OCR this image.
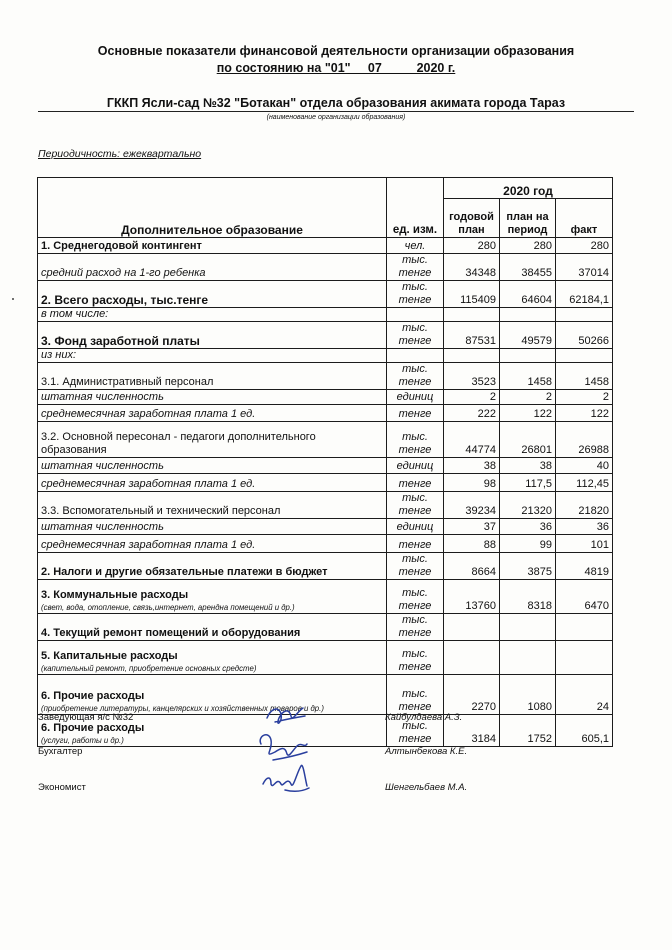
Основные показатели финансовой деятельности организации образования
по состоянию на "01"     07          2020 г.
ГККП Ясли-сад №32 "Ботакан" отдела образования акимата города Тараз
(наименование организации образования)
Периодичность: ежеквартально
Дополнительное образование	ед. изм.	2020 год		
		годовой план	план на период	факт

1. Среднегодовой контингент	чел.	280	280	280
средний расход на 1-го ребенка	тыс. тенге	34348	38455	37014
2. Всего расходы, тыс.тенге	тыс. тенге	115409	64604	62184,1
в том числе:				
3. Фонд заработной платы	тыс. тенге	87531	49579	50266
из них:				
3.1. Административный персонал	тыс. тенге	3523	1458	1458
штатная численность	единиц	2	2	2
среднемесячная заработная плата 1 ед.	тенге	222	122	122
3.2. Основной пересонал - педагоги дополнительного образования	тыс. тенге	44774	26801	26988
штатная численность	единиц	38	38	40
среднемесячная заработная плата 1 ед.	тенге	98	117,5	112,45
3.3. Вспомогательный и технический персонал	тыс. тенге	39234	21320	21820
штатная численность	единиц	37	36	36
среднемесячная заработная плата 1 ед.	тенге	88	99	101
2. Налоги и другие обязательные платежи в бюджет	тыс. тенге	8664	3875	4819
3. Коммунальные расходы
(свет, вода, отопление, связь,интернет, арендна помещений и др.)	тыс. тенге	13760	8318	6470
4. Текущий ремонт помещений и оборудования	тыс. тенге			
5. Капитальные расходы
(капительный ремонт, приобретение основных средсте)	тыс. тенге			
6. Прочие расходы
(приобретение литературы, канцелярских и хозяйственных товаров и др.)	тыс. тенге	2270	1080	24
6. Прочие расходы
(услуги, работы и др.)	тыс. тенге	3184	1752	605,1
Заведующая я/с №32	Кайбулдаева А.З.
Бухгалтер	Алтынбекова К.Е.
Экономист	Шенгельбаев М.А.
